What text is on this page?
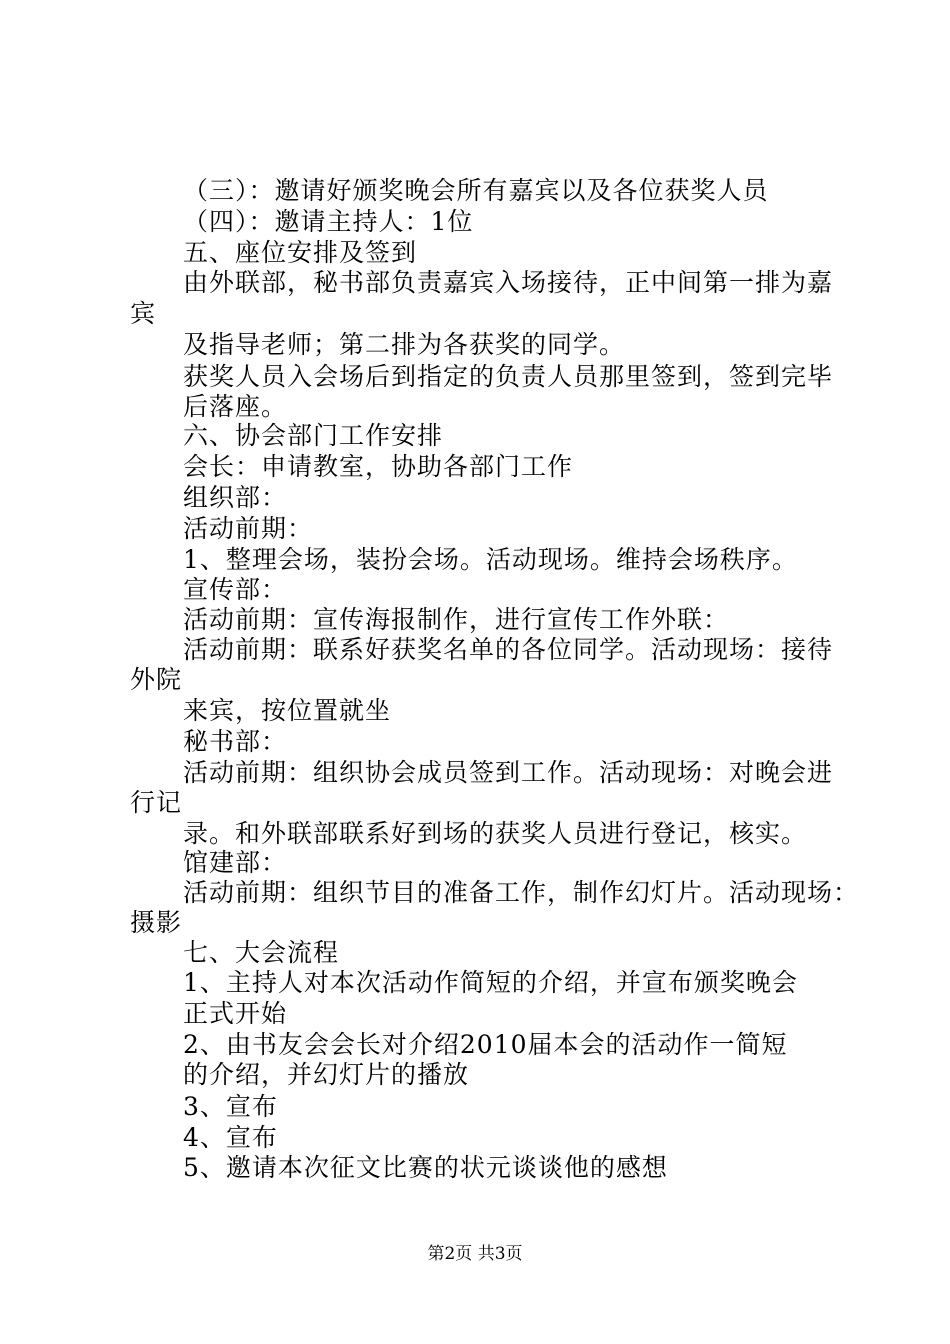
（三）：邀请好颁奖晚会所有嘉宾以及各位获奖人员
（四）：邀请主持人：1位
五、座位安排及签到
由外联部，秘书部负责嘉宾入场接待，正中间第一排为嘉
宾
及指导老师；第二排为各获奖的同学。
获奖人员入会场后到指定的负责人员那里签到，签到完毕
后落座。
六、协会部门工作安排
会长：申请教室，协助各部门工作
组织部：
活动前期：
1、整理会场，装扮会场。活动现场。维持会场秩序。
宣传部：
活动前期：宣传海报制作，进行宣传工作外联：
活动前期：联系好获奖名单的各位同学。活动现场：接待
外院
来宾，按位置就坐
秘书部：
活动前期：组织协会成员签到工作。活动现场：对晚会进
行记
录。和外联部联系好到场的获奖人员进行登记，核实。
馆建部：
活动前期：组织节目的准备工作，制作幻灯片。活动现场：
摄影
七、大会流程
1、主持人对本次活动作简短的介绍，并宣布颁奖晚会
正式开始
2、由书友会会长对介绍2010届本会的活动作一简短
的介绍，并幻灯片的播放
3、宣布
4、宣布
5、邀请本次征文比赛的状元谈谈他的感想
第2页 共3页
